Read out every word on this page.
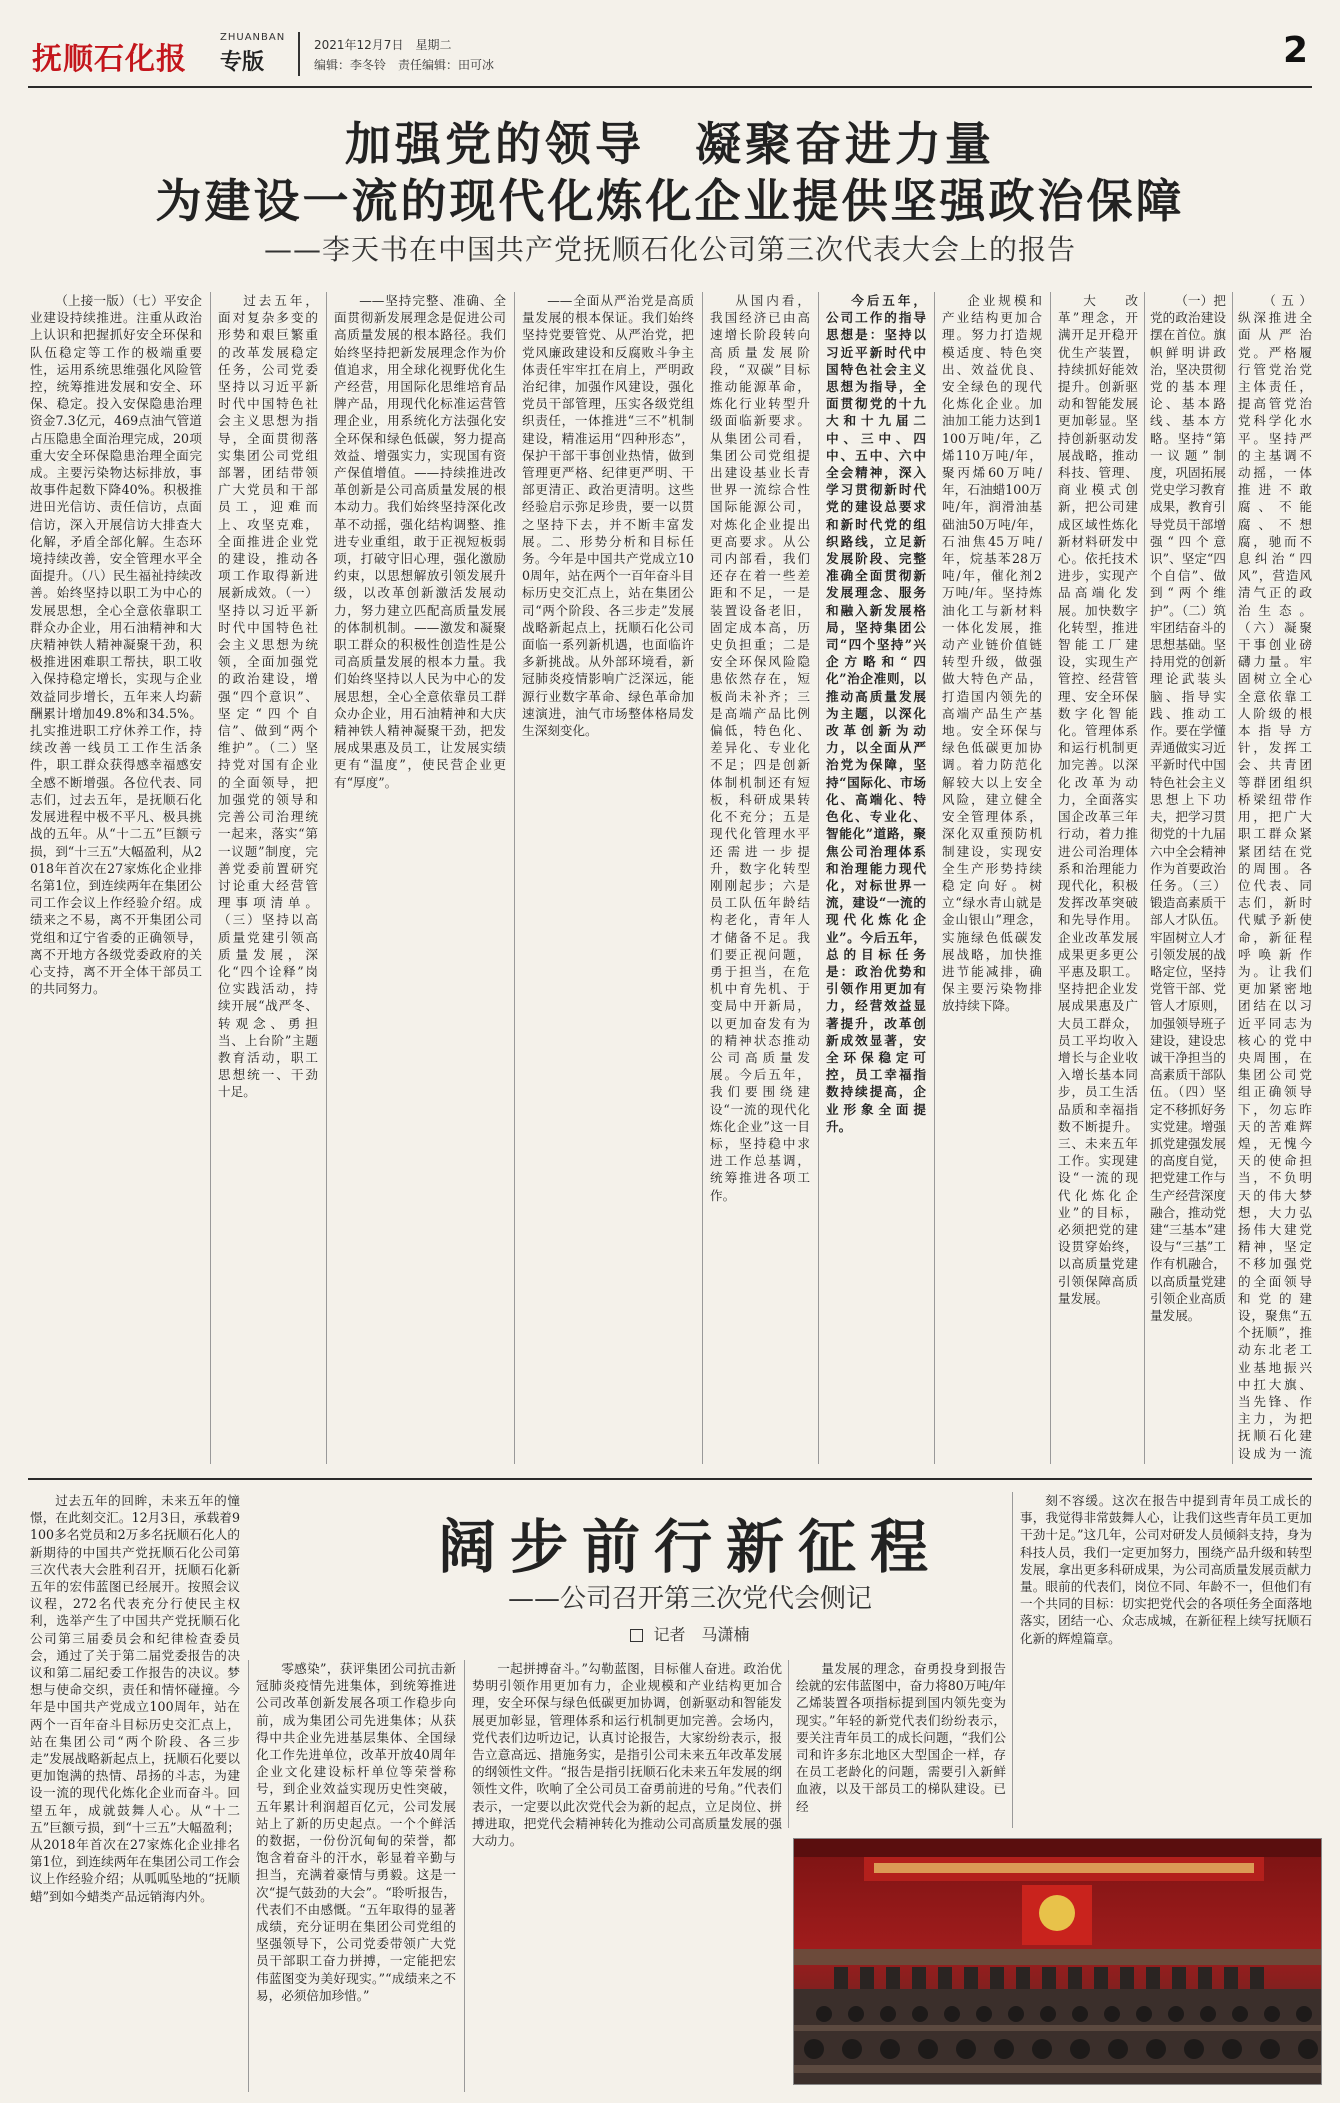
抚顺石化报
ZHUANBAN
专版
2021年12月7日　星期二
编辑：李冬铃　责任编辑：田可冰	2
加强党的领导　凝聚奋进力量
为建设一流的现代化炼化企业提供坚强政治保障
——李天书在中国共产党抚顺石化公司第三次代表大会上的报告

（上接一版）（七）平安企业建设持续推进。注重从政治上认识和把握抓好安全环保和队伍稳定等工作的极端重要性，运用系统思维强化风险管控，统筹推进发展和安全、环保、稳定。投入安保隐患治理资金7.3亿元，469点油气管道占压隐患全面治理完成，20项重大安全环保隐患治理全面完成。主要污染物达标排放，事故事件起数下降40%。积极推进田光信访、责任信访，点面信访，深入开展信访大排查大化解，矛盾全部化解。生态环境持续改善，安全管理水平全面提升。（八）民生福祉持续改善。始终坚持以职工为中心的发展思想，全心全意依靠职工群众办企业，用石油精神和大庆精神铁人精神凝聚干劲，积极推进困难职工帮扶，职工收入保持稳定增长，实现与企业效益同步增长，五年来人均薪酬累计增加49.8%和34.5%。扎实推进职工疗休养工作，持续改善一线员工工作生活条件，职工群众获得感幸福感安全感不断增强。各位代表、同志们，过去五年，是抚顺石化发展进程中极不平凡、极具挑战的五年。从“十二五”巨额亏损，到“十三五”大幅盈利，从2018年首次在27家炼化企业排名第1位，到连续两年在集团公司工作会议上作经验介绍。成绩来之不易，离不开集团公司党组和辽宁省委的正确领导，离不开地方各级党委政府的关心支持，离不开全体干部员工的共同努力。

过去五年，面对复杂多变的形势和艰巨繁重的改革发展稳定任务，公司党委坚持以习近平新时代中国特色社会主义思想为指导，全面贯彻落实集团公司党组部署，团结带领广大党员和干部员工，迎难而上、攻坚克难，全面推进企业党的建设，推动各项工作取得新进展新成效。（一）坚持以习近平新时代中国特色社会主义思想为统领，全面加强党的政治建设，增强“四个意识”、坚定“四个自信”、做到“两个维护”。（二）坚持党对国有企业的全面领导，把加强党的领导和完善公司治理统一起来，落实“第一议题”制度，完善党委前置研究讨论重大经营管理事项清单。（三）坚持以高质量党建引领高质量发展，深化“四个诠释”岗位实践活动，持续开展“战严冬、转观念、勇担当、上台阶”主题教育活动，职工思想统一、干劲十足。

——坚持完整、准确、全面贯彻新发展理念是促进公司高质量发展的根本路径。我们始终坚持把新发展理念作为价值追求，用全球化视野优化生产经营，用国际化思维培育品牌产品，用现代化标准运营管理企业，用系统化方法强化安全环保和绿色低碳，努力提高效益、增强实力，实现国有资产保值增值。——持续推进改革创新是公司高质量发展的根本动力。我们始终坚持深化改革不动摇，强化结构调整、推进专业重组，敢于正视短板弱项，打破守旧心理，强化激励约束，以思想解放引领发展升级，以改革创新激活发展动力，努力建立匹配高质量发展的体制机制。——激发和凝聚职工群众的积极性创造性是公司高质量发展的根本力量。我们始终坚持以人民为中心的发展思想，全心全意依靠员工群众办企业，用石油精神和大庆精神铁人精神凝聚干劲，把发展成果惠及员工，让发展实绩更有“温度”，使民营企业更有“厚度”。

——全面从严治党是高质量发展的根本保证。我们始终坚持党要管党、从严治党，把党风廉政建设和反腐败斗争主体责任牢牢扛在肩上，严明政治纪律，加强作风建设，强化党员干部管理，压实各级党组织责任，一体推进“三不”机制建设，精准运用“四种形态”，保护干部干事创业热情，做到管理更严格、纪律更严明、干部更清正、政治更清明。这些经验启示弥足珍贵，要一以贯之坚持下去，并不断丰富发展。二、形势分析和目标任务。今年是中国共产党成立100周年，站在两个一百年奋斗目标历史交汇点上，站在集团公司“两个阶段、各三步走”发展战略新起点上，抚顺石化公司面临一系列新机遇，也面临许多新挑战。从外部环境看，新冠肺炎疫情影响广泛深远，能源行业数字革命、绿色革命加速演进，油气市场整体格局发生深刻变化。

从国内看，我国经济已由高速增长阶段转向高质量发展阶段，“双碳”目标推动能源革命，炼化行业转型升级面临新要求。从集团公司看，集团公司党组提出建设基业长青世界一流综合性国际能源公司，对炼化企业提出更高要求。从公司内部看，我们还存在着一些差距和不足，一是装置设备老旧，固定成本高，历史负担重；二是安全环保风险隐患依然存在，短板尚未补齐；三是高端产品比例偏低，特色化、差异化、专业化不足；四是创新体制机制还有短板，科研成果转化不充分；五是现代化管理水平还需进一步提升，数字化转型刚刚起步；六是员工队伍年龄结构老化，青年人才储备不足。我们要正视问题，勇于担当，在危机中育先机、于变局中开新局，以更加奋发有为的精神状态推动公司高质量发展。今后五年，我们要围绕建设“一流的现代化炼化企业”这一目标，坚持稳中求进工作总基调，统筹推进各项工作。

今后五年，公司工作的指导思想是：坚持以习近平新时代中国特色社会主义思想为指导，全面贯彻党的十九大和十九届二中、三中、四中、五中、六中全会精神，深入学习贯彻新时代党的建设总要求和新时代党的组织路线，立足新发展阶段、完整准确全面贯彻新发展理念、服务和融入新发展格局，坚持集团公司“四个坚持”兴企方略和“四化”治企准则，以推动高质量发展为主题，以深化改革创新为动力，以全面从严治党为保障，坚持“国际化、市场化、高端化、特色化、专业化、智能化”道路，聚焦公司治理体系和治理能力现代化，对标世界一流，建设“一流的现代化炼化企业”。今后五年，总的目标任务是：政治优势和引领作用更加有力，经营效益显著提升，改革创新成效显著，安全环保稳定可控，员工幸福指数持续提高，企业形象全面提升。

企业规模和产业结构更加合理。努力打造规模适度、特色突出、效益优良、安全绿色的现代化炼化企业。加油加工能力达到1100万吨/年，乙烯110万吨/年，聚丙烯60万吨/年，石油蜡100万吨/年，润滑油基础油50万吨/年，石油焦45万吨/年，烷基苯28万吨/年，催化剂2万吨/年。坚持炼油化工与新材料一体化发展，推动产业链价值链转型升级，做强做大特色产品，打造国内领先的高端产品生产基地。安全环保与绿色低碳更加协调。着力防范化解较大以上安全风险，建立健全安全管理体系，深化双重预防机制建设，实现安全生产形势持续稳定向好。树立“绿水青山就是金山银山”理念，实施绿色低碳发展战略，加快推进节能减排，确保主要污染物排放持续下降。

大改革”理念，开满开足开稳开优生产装置，持续抓好能效提升。创新驱动和智能发展更加彰显。坚持创新驱动发展战略，推动科技、管理、商业模式创新，把公司建成区域性炼化新材料研发中心。依托技术进步，实现产品高端化发展。加快数字化转型，推进智能工厂建设，实现生产管控、经营管理、安全环保数字化智能化。管理体系和运行机制更加完善。以深化改革为动力，全面落实国企改革三年行动，着力推进公司治理体系和治理能力现代化，积极发挥改革突破和先导作用。企业改革发展成果更多更公平惠及职工。坚持把企业发展成果惠及广大员工群众，员工平均收入增长与企业收入增长基本同步，员工生活品质和幸福指数不断提升。三、未来五年工作。实现建设“一流的现代化炼化企业”的目标，必须把党的建设贯穿始终，以高质量党建引领保障高质量发展。

（一）把党的政治建设摆在首位。旗帜鲜明讲政治，坚决贯彻党的基本理论、基本路线、基本方略。坚持“第一议题”制度，巩固拓展党史学习教育成果，教育引导党员干部增强“四个意识”、坚定“四个自信”、做到“两个维护”。（二）筑牢团结奋斗的思想基础。坚持用党的创新理论武装头脑、指导实践、推动工作。要在学懂弄通做实习近平新时代中国特色社会主义思想上下功夫，把学习贯彻党的十九届六中全会精神作为首要政治任务。（三）锻造高素质干部人才队伍。牢固树立人才引领发展的战略定位，坚持党管干部、党管人才原则，加强领导班子建设，建设忠诚干净担当的高素质干部队伍。（四）坚定不移抓好务实党建。增强抓党建强发展的高度自觉，把党建工作与生产经营深度融合，推动党建“三基本”建设与“三基”工作有机融合，以高质量党建引领企业高质量发展。

（五）纵深推进全面从严治党。严格履行管党治党主体责任，提高管党治党科学化水平。坚持严的主基调不动摇，一体推进不敢腐、不能腐、不想腐，驰而不息纠治“四风”，营造风清气正的政治生态。（六）凝聚干事创业磅礴力量。牢固树立全心全意依靠工人阶级的根本指导方针，发挥工会、共青团等群团组织桥梁纽带作用，把广大职工群众紧紧团结在党的周围。各位代表、同志们，新时代赋予新使命，新征程呼唤新作为。让我们更加紧密地团结在以习近平同志为核心的党中央周围，在集团公司党组正确领导下，勿忘昨天的苦难辉煌，无愧今天的使命担当，不负明天的伟大梦想，大力弘扬伟大建党精神，坚定不移加强党的全面领导和党的建设，聚焦“五个抚顺”，推动东北老工业基地振兴中扛大旗、当先锋、作主力，为把抚顺石化建设成为一流

阔步前行新征程
——公司召开第三次党代会侧记
记者　马潇楠

过去五年的回眸，未来五年的憧憬，在此刻交汇。12月3日，承载着9100多名党员和2万多名抚顺石化人的新期待的中国共产党抚顺石化公司第三次代表大会胜利召开，抚顺石化新五年的宏伟蓝图已经展开。按照会议议程，272名代表充分行使民主权利，选举产生了中国共产党抚顺石化公司第三届委员会和纪律检查委员会，通过了关于第二届党委报告的决议和第二届纪委工作报告的决议。梦想与使命交织，责任和情怀碰撞。今年是中国共产党成立100周年，站在两个一百年奋斗目标历史交汇点上，站在集团公司“两个阶段、各三步走”发展战略新起点上，抚顺石化要以更加饱满的热情、昂扬的斗志，为建设一流的现代化炼化企业而奋斗。回望五年，成就鼓舞人心。从“十二五”巨额亏损，到“十三五”大幅盈利；从2018年首次在27家炼化企业排名第1位，到连续两年在集团公司工作会议上作经验介绍；从呱呱坠地的“抚顺蜡”到如今蜡类产品远销海内外。

零感染”，获评集团公司抗击新冠肺炎疫情先进集体，到统筹推进公司改革创新发展各项工作稳步向前，成为集团公司先进集体；从获得中共企业先进基层集体、全国绿化工作先进单位，改革开放40周年企业文化建设标杆单位等荣誉称号，到企业效益实现历史性突破，五年累计利润超百亿元，公司发展站上了新的历史起点。一个个鲜活的数据，一份份沉甸甸的荣誉，都饱含着奋斗的汗水，彰显着辛勤与担当，充满着豪情与勇毅。这是一次“提气鼓劲的大会”。“聆听报告，代表们不由感慨。“五年取得的显著成绩，充分证明在集团公司党组的坚强领导下，公司党委带领广大党员干部职工奋力拼搏，一定能把宏伟蓝图变为美好现实。”“成绩来之不易，必须倍加珍惜。”

一起拼搏奋斗。”勾勒蓝图，目标催人奋进。政治优势明引领作用更加有力，企业规模和产业结构更加合理，安全环保与绿色低碳更加协调，创新驱动和智能发展更加彰显，管理体系和运行机制更加完善。会场内，党代表们边听边记，认真讨论报告，大家纷纷表示，报告立意高远、措施务实，是指引公司未来五年改革发展的纲领性文件。“报告是指引抚顺石化未来五年发展的纲领性文件，吹响了全公司员工奋勇前进的号角。”代表们表示，一定要以此次党代会为新的起点，立足岗位、拼搏进取，把党代会精神转化为推动公司高质量发展的强大动力。

量发展的理念，奋勇投身到报告绘就的宏伟蓝图中，奋力将80万吨/年乙烯装置各项指标提到国内领先变为现实。”年轻的新党代表们纷纷表示，要关注青年员工的成长问题，“我们公司和许多东北地区大型国企一样，存在员工老龄化的问题，需要引入新鲜血液，以及干部员工的梯队建设。已经

刻不容缓。这次在报告中提到青年员工成长的事，我觉得非常鼓舞人心，让我们这些青年员工更加干劲十足。”这几年，公司对研发人员倾斜支持，身为科技人员，我们一定更加努力，围绕产品升级和转型发展，拿出更多科研成果，为公司高质量发展贡献力量。眼前的代表们，岗位不同、年龄不一，但他们有一个共同的目标：切实把党代会的各项任务全面落地落实，团结一心、众志成城，在新征程上续写抚顺石化新的辉煌篇章。
